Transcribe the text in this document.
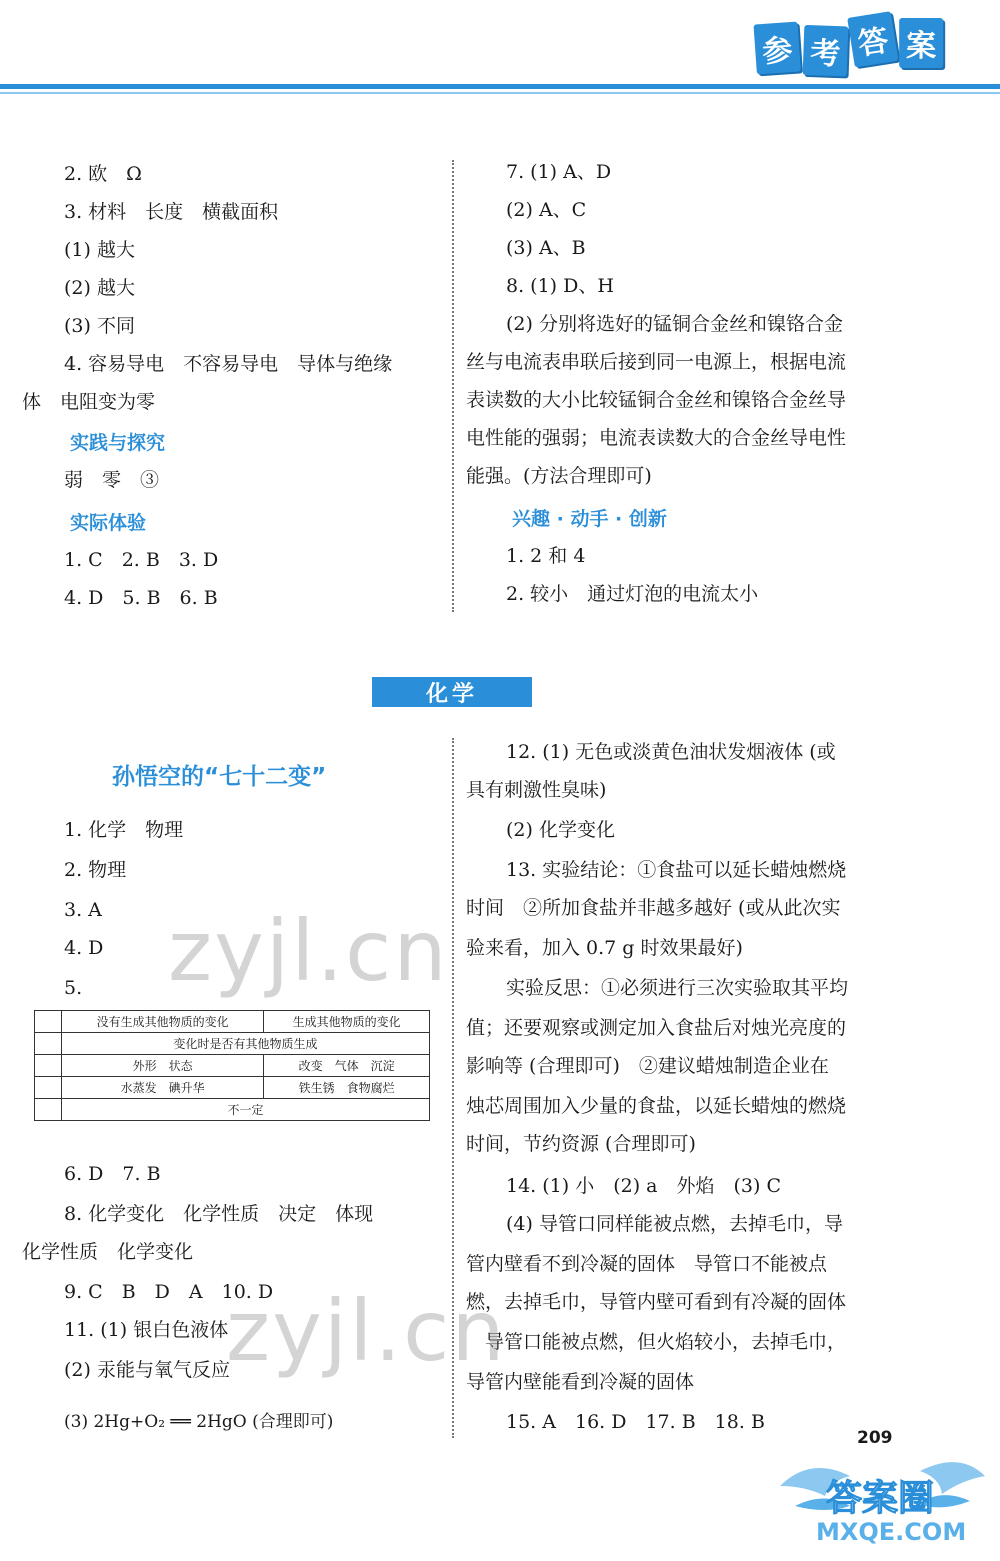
参 考 答 案
2. 欧　Ω
3. 材料　长度　横截面积
(1) 越大
(2) 越大
(3) 不同
4. 容易导电　不容易导电　导体与绝缘
体　电阻变为零
实践与探究
弱　零　③
实际体验
1. C　2. B　3. D
4. D　5. B　6. B
7. (1) A、D
(2) A、C
(3) A、B
8. (1) D、H
(2) 分别将选好的锰铜合金丝和镍铬合金
丝与电流表串联后接到同一电源上，根据电流
表读数的大小比较锰铜合金丝和镍铬合金丝导
电性能的强弱；电流表读数大的合金丝导电性
能强。(方法合理即可)
兴趣 · 动手 · 创新
1. 2 和 4
2. 较小　通过灯泡的电流太小
化学
孙悟空的“七十二变”
1. 化学　物理
2. 物理
3. A
4. D
5.
	没有生成其他物质的变化	生成其他物质的变化
	变化时是否有其他物质生成	
	外形　状态	改变　气体　沉淀
	水蒸发　碘升华	铁生锈　食物腐烂
	不一定	
6. D　7. B
8. 化学变化　化学性质　决定　体现
化学性质　化学变化
9. C　B　D　A　10. D
11. (1) 银白色液体
(2) 汞能与氧气反应
(3) 2Hg+O₂ ══ 2HgO (合理即可)
12. (1) 无色或淡黄色油状发烟液体 (或
具有刺激性臭味)
(2) 化学变化
13. 实验结论：①食盐可以延长蜡烛燃烧
时间　②所加食盐并非越多越好 (或从此次实
验来看，加入 0.7 g 时效果最好)
实验反思：①必须进行三次实验取其平均
值；还要观察或测定加入食盐后对烛光亮度的
影响等 (合理即可)　②建议蜡烛制造企业在
烛芯周围加入少量的食盐，以延长蜡烛的燃烧
时间，节约资源 (合理即可)
14. (1) 小　(2) a　外焰　(3) C
(4) 导管口同样能被点燃，去掉毛巾，导
管内壁看不到冷凝的固体　导管口不能被点
燃，去掉毛巾，导管内壁可看到有冷凝的固体
　导管口能被点燃，但火焰较小，去掉毛巾，
导管内壁能看到冷凝的固体
15. A　16. D　17. B　18. B
zyjl.cn
zyjl.cn
209
答案圈
MXQE.COM
